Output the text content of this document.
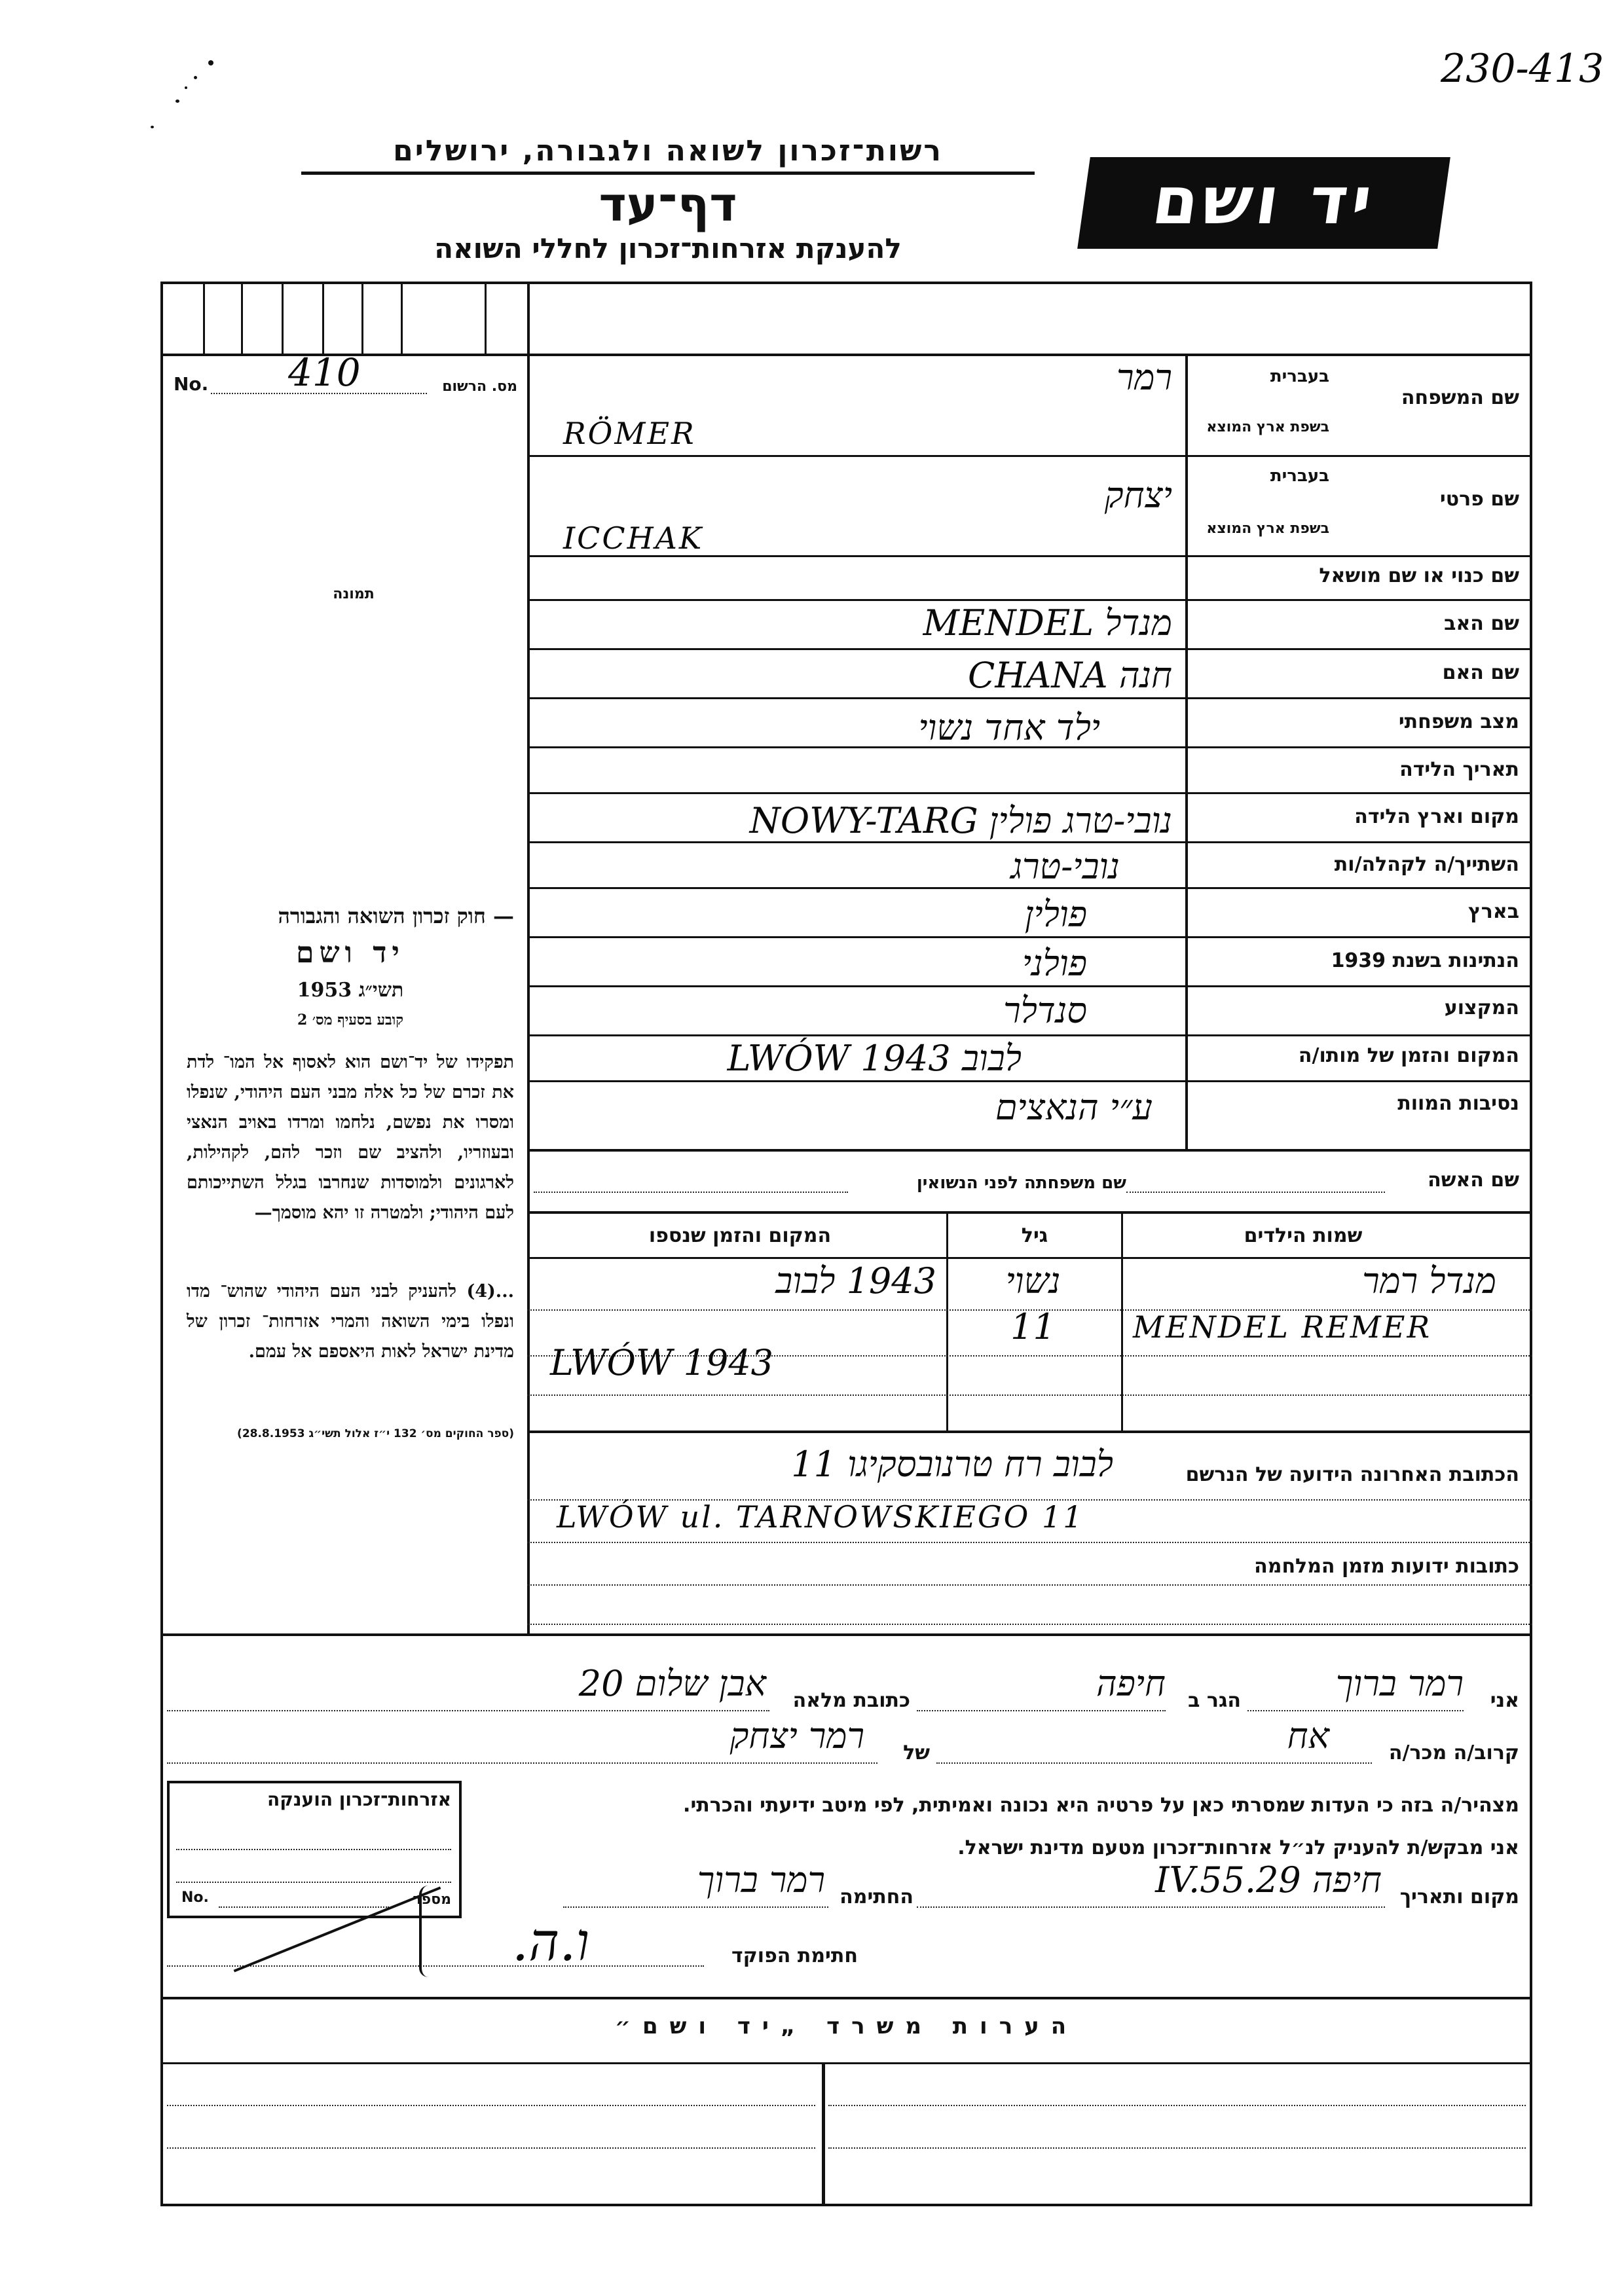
230-413
רשות־זכרון לשואה ולגבורה, ירושלים
דף־עד
להענקת אזרחות־זכרון לחללי השואה
יד ושם
No. 410	מס. הרשום
תמונה
שם המשפחה
בעברית
בשפת ארץ המוצא
רמר
RÖMER
שם פרטי
בעברית
בשפת ארץ המוצא
יצחק
ICCHAK
שם כנוי או שם מושאל
שם האב
MENDEL מנדל
שם האם
CHANA חנה
מצב משפחתי
ילד אחד נשוי
תאריך הלידה
מקום וארץ הלידה
NOWY-TARG נובי-טרג פולין
השתייך/ה לקהלה/ות
נובי-טרג
בארץ
פולין
הנתינות בשנת 1939
פולני
המקצוע
סנדלר
המקום והזמן של מותו/ה
LWÓW 1943 לבוב
נסיבות המוות
ע״י הנאצים
שם האשה
שם משפחתה לפני הנשואין
שמות הילדים
גיל
המקום והזמן שנספו
מנדל רמר
נשוי
1943 לבוב
MENDEL REMER
11
LWÓW 1943
— חוק זכרון השואה והגבורה
יד ושם
תשי״ג 1953
קובע בסעיף מס׳ 2
תפקידו של יד־ושם הוא לאסוף אל המו־ לדת את זכרם של כל אלה מבני העם היהודי, שנפלו ומסרו את נפשם, נלחמו ומרדו באויב הנאצי ובעוזריו, ולהציב שם וזכר להם, לקהילות, לארגונים ולמוסדות שנחרבו בגלל השתייכותם לעם היהודי; ולמטרה זו יהא מוסמך—
...(4) להעניק לבני העם היהודי שהוש־ מדו ונפלו בימי השואה והמרי אזרחות־ זכרון של מדינת ישראל לאות היאספם אל עמם.
(ספר החוקים מס׳ 132 י״ז אלול תשי״ג 28.8.1953)
הכתובת האחרונה הידועה של הנרשם
לבוב רח טרנובסקיגו 11
LWÓW ul. TARNOWSKIEGO 11
כתובות ידועות מזמן המלחמה
אני
רמר ברוך
הגר ב
חיפה
כתובת מלאה
אבן שלום 20
קרוב/ה מכר/ה
אח
של
רמר יצחק
מצהיר/ה בזה כי העדות שמסרתי כאן על פרטיה היא נכונה ואמיתית, לפי מיטב ידיעתי והכרתי.
אני מבקש/ת להעניק לנ״ל אזרחות־זכרון מטעם מדינת ישראל.
מקום ותאריך
חיפה 29.IV.55
החתימה
רמר ברוך
חתימת הפוקד
ו.ה.
אזרחות־זכרון הוענקה
No.	מספר
הערות משרד „יד ושם״
